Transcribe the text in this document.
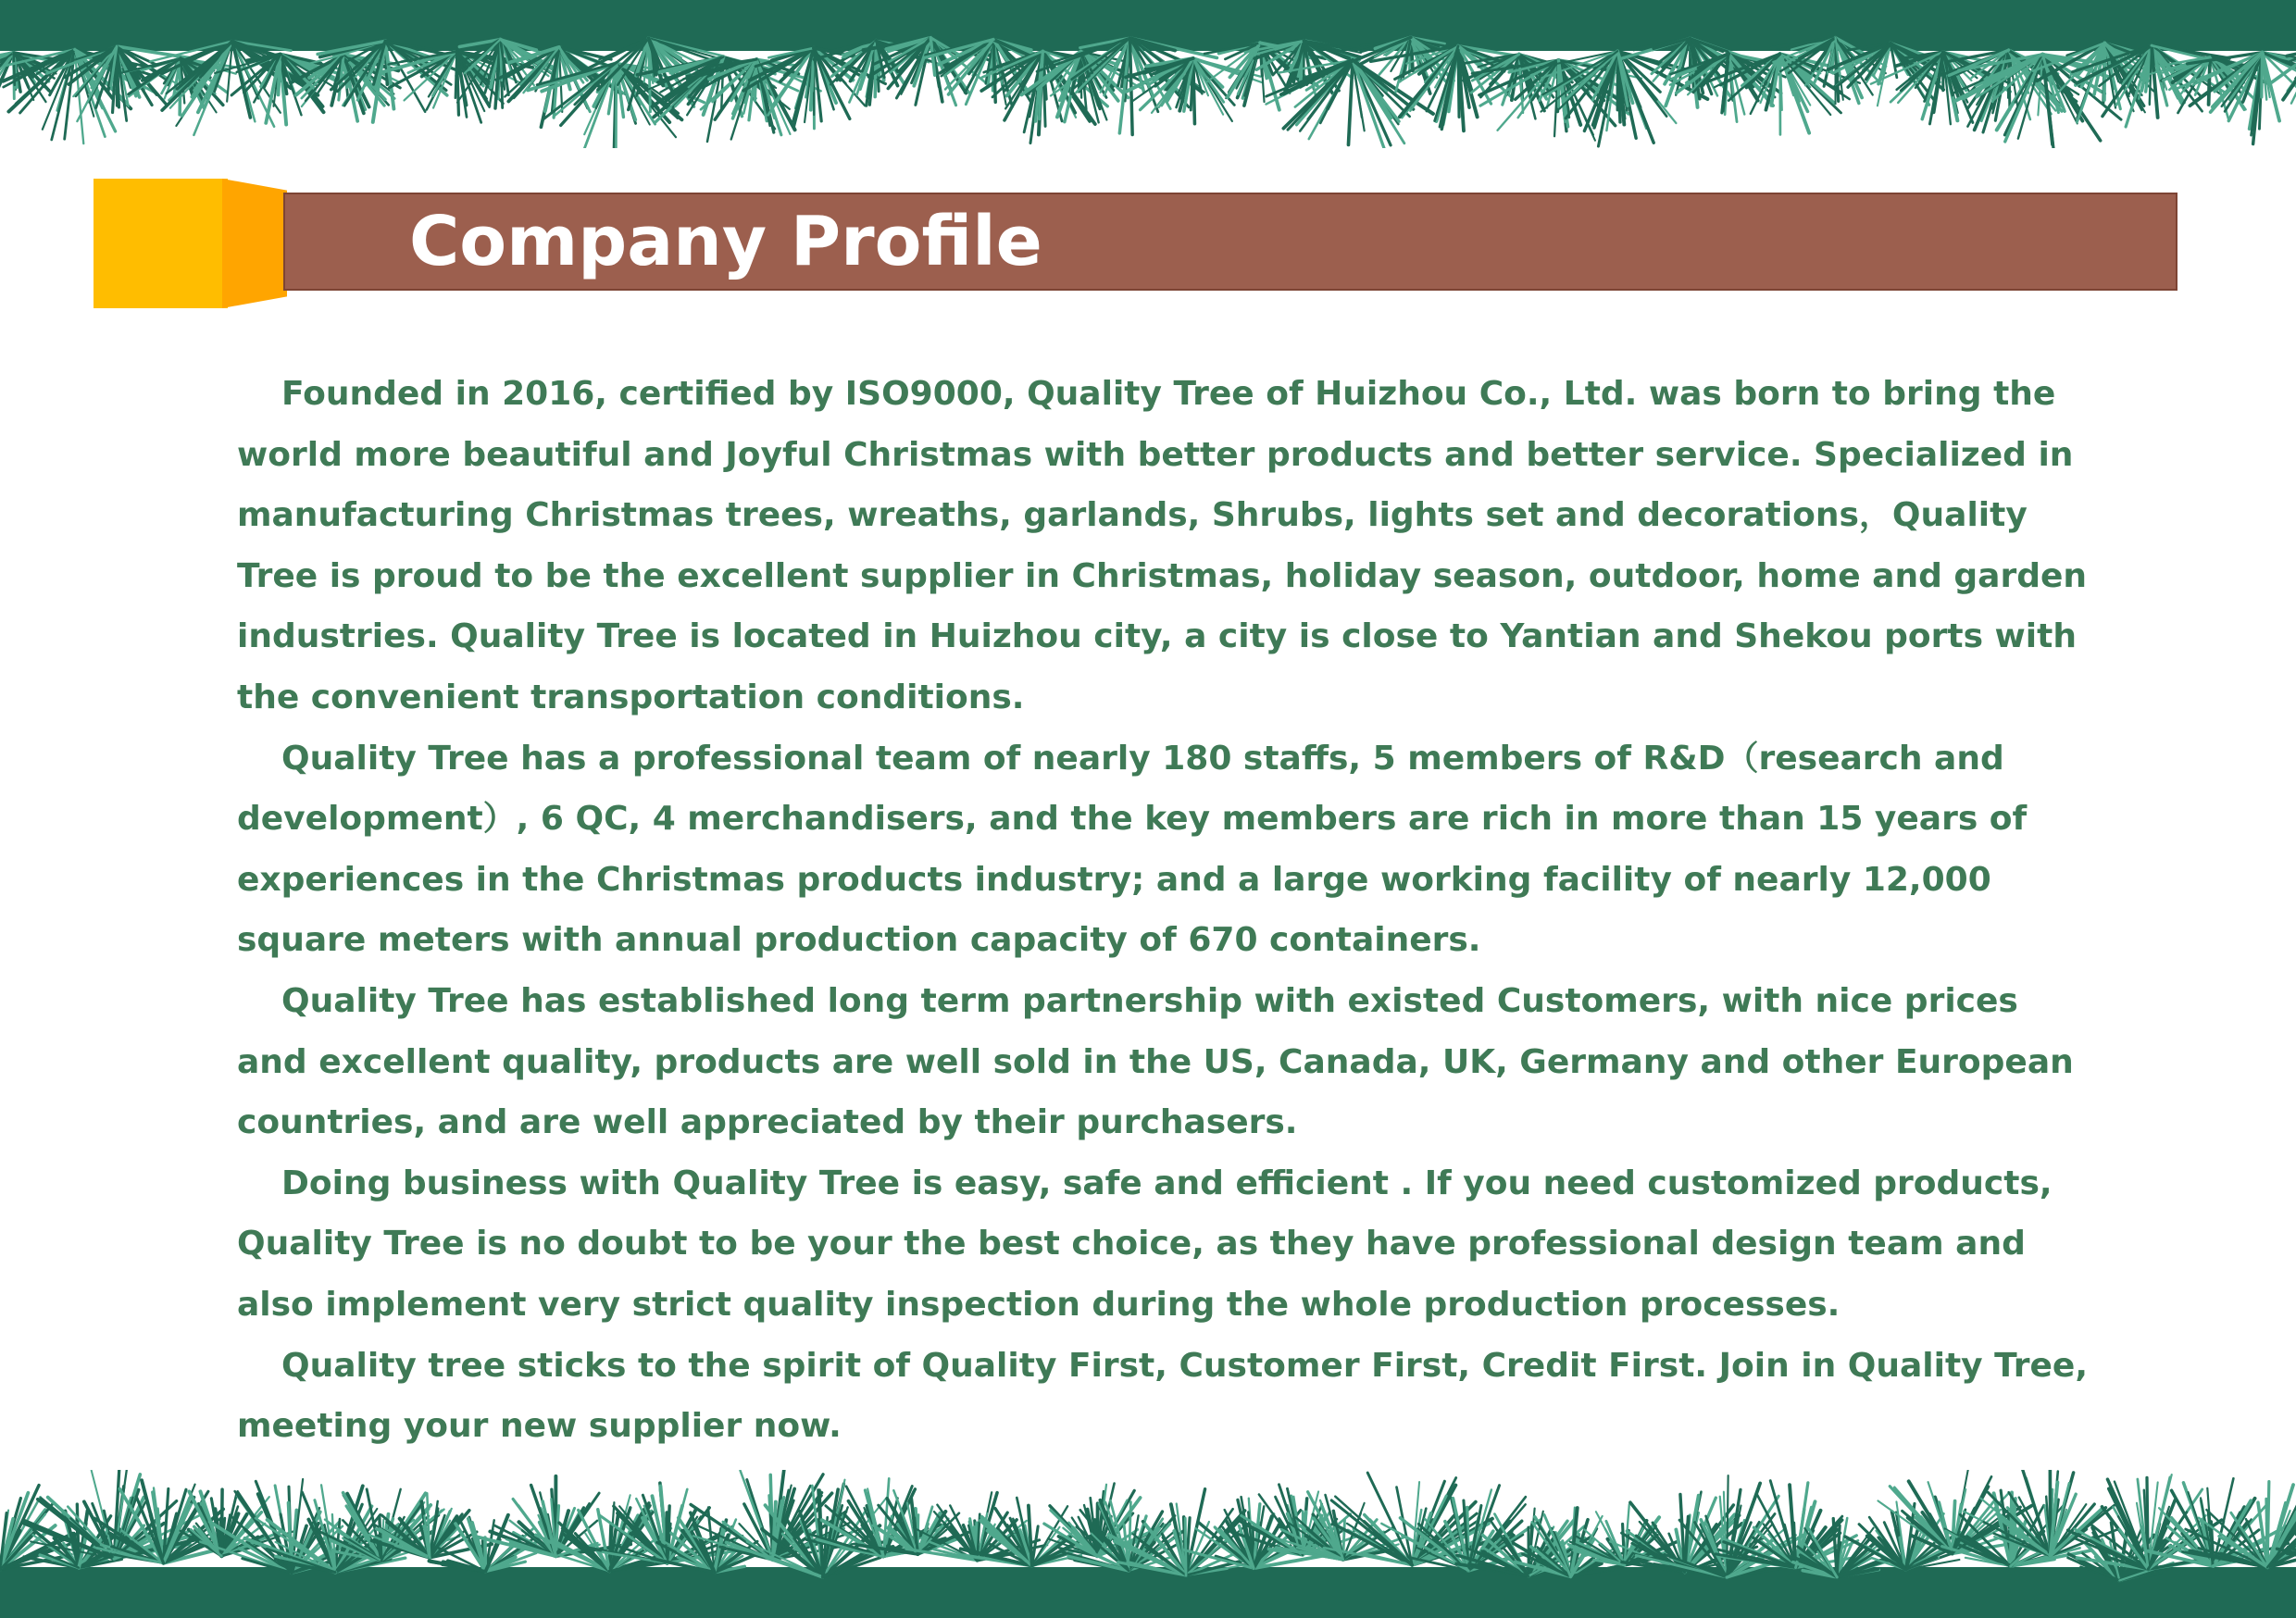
Company Profile

Founded in 2016, certified by ISO9000, Quality Tree of Huizhou Co., Ltd. was born to bring the world more beautiful and Joyful Christmas with better products and better service. Specialized in manufacturing Christmas trees, wreaths, garlands, Shrubs, lights set and decorations，Quality Tree is proud to be the excellent supplier in Christmas, holiday season, outdoor, home and garden industries. Quality Tree is located in Huizhou city, a city is close to Yantian and Shekou ports with the convenient transportation conditions.

Quality Tree has a professional team of nearly 180 staffs, 5 members of R&D（research and development）, 6 QC, 4 merchandisers, and the key members are rich in more than 15 years of experiences in the Christmas products industry; and a large working facility of nearly 12,000 square meters with annual production capacity of 670 containers.

Quality Tree has established long term partnership with existed Customers, with nice prices and excellent quality, products are well sold in the US, Canada, UK, Germany and other European countries, and are well appreciated by their purchasers.

Doing business with Quality Tree is easy, safe and efficient . If you need customized products, Quality Tree is no doubt to be your the best choice, as they have professional design team and also implement very strict quality inspection during the whole production processes.

Quality tree sticks to the spirit of Quality First, Customer First, Credit First. Join in Quality Tree, meeting your new supplier now.
